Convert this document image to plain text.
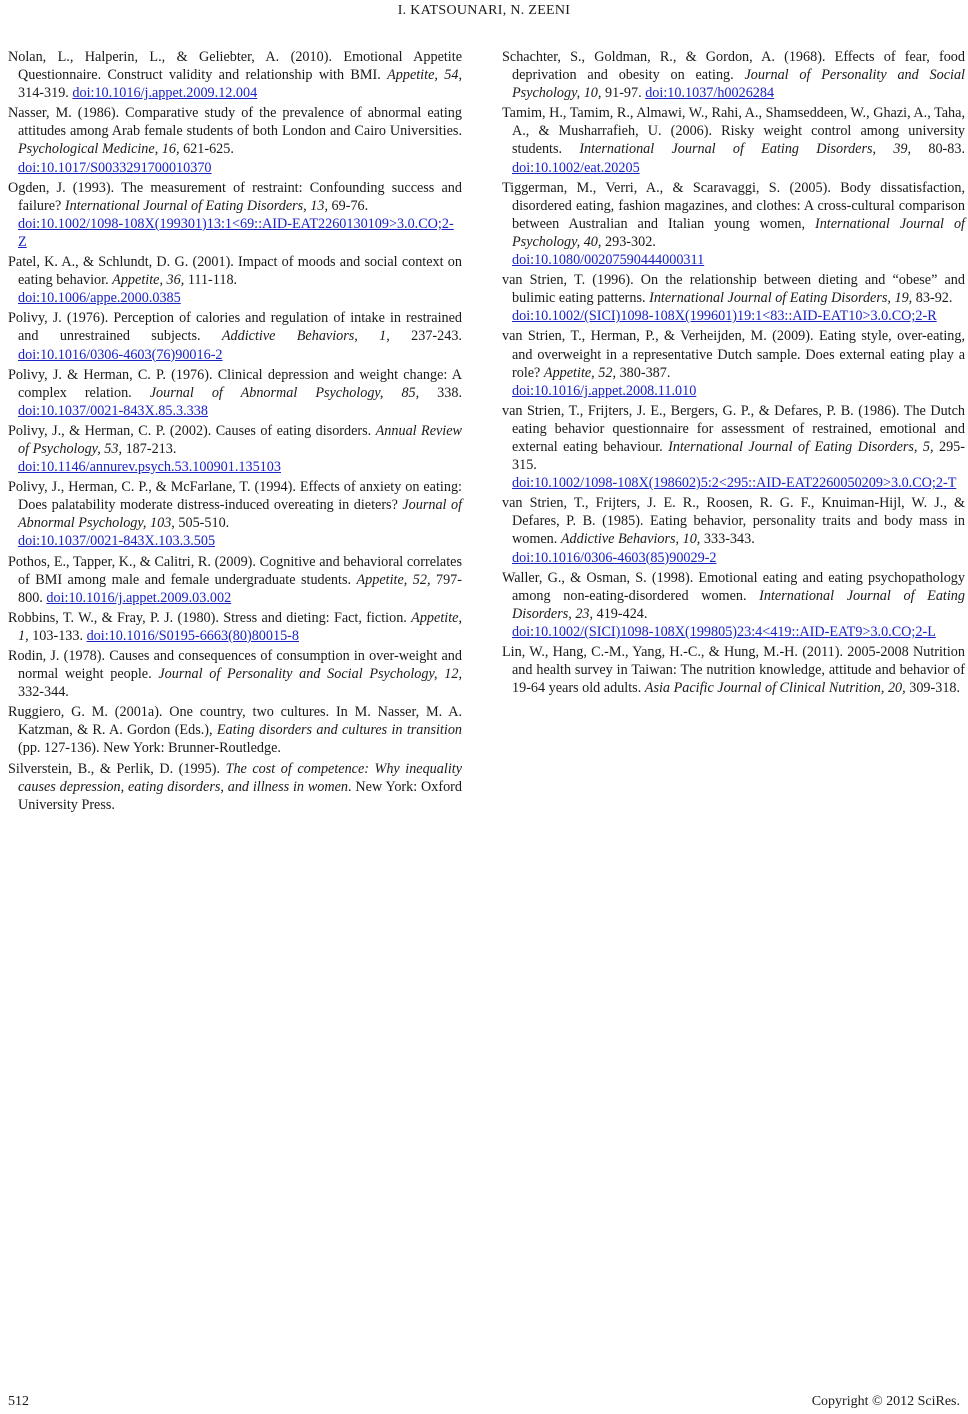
I. KATSOUNARI, N. ZEENI

Nolan, L., Halperin, L., & Geliebter, A. (2010). Emotional Appetite Questionnaire. Construct validity and relationship with BMI. Appetite, 54, 314-319. doi:10.1016/j.appet.2009.12.004

Nasser, M. (1986). Comparative study of the prevalence of abnormal eating attitudes among Arab female students of both London and Cairo Universities. Psychological Medicine, 16, 621-625.
doi:10.1017/S0033291700010370

Ogden, J. (1993). The measurement of restraint: Confounding success and failure? International Journal of Eating Disorders, 13, 69-76.
doi:10.1002/1098-108X(199301)13:1<69::AID-EAT2260130109>3.0.CO;2-Z

Patel, K. A., & Schlundt, D. G. (2001). Impact of moods and social context on eating behavior. Appetite, 36, 111-118.
doi:10.1006/appe.2000.0385

Polivy, J. (1976). Perception of calories and regulation of intake in restrained and unrestrained subjects. Addictive Behaviors, 1, 237-243. doi:10.1016/0306-4603(76)90016-2

Polivy, J. & Herman, C. P. (1976). Clinical depression and weight change: A complex relation. Journal of Abnormal Psychology, 85, 338. doi:10.1037/0021-843X.85.3.338

Polivy, J., & Herman, C. P. (2002). Causes of eating disorders. Annual Review of Psychology, 53, 187-213.
doi:10.1146/annurev.psych.53.100901.135103

Polivy, J., Herman, C. P., & McFarlane, T. (1994). Effects of anxiety on eating: Does palatability moderate distress-induced overeating in dieters? Journal of Abnormal Psychology, 103, 505-510.
doi:10.1037/0021-843X.103.3.505

Pothos, E., Tapper, K., & Calitri, R. (2009). Cognitive and behavioral correlates of BMI among male and female undergraduate students. Appetite, 52, 797-800. doi:10.1016/j.appet.2009.03.002

Robbins, T. W., & Fray, P. J. (1980). Stress and dieting: Fact, fiction. Appetite, 1, 103-133. doi:10.1016/S0195-6663(80)80015-8

Rodin, J. (1978). Causes and consequences of consumption in over-weight and normal weight people. Journal of Personality and Social Psychology, 12, 332-344.

Ruggiero, G. M. (2001a). One country, two cultures. In M. Nasser, M. A. Katzman, & R. A. Gordon (Eds.), Eating disorders and cultures in transition (pp. 127-136). New York: Brunner-Routledge.

Silverstein, B., & Perlik, D. (1995). The cost of competence: Why inequality causes depression, eating disorders, and illness in women. New York: Oxford University Press.

Schachter, S., Goldman, R., & Gordon, A. (1968). Effects of fear, food deprivation and obesity on eating. Journal of Personality and Social Psychology, 10, 91-97. doi:10.1037/h0026284

Tamim, H., Tamim, R., Almawi, W., Rahi, A., Shamseddeen, W., Ghazi, A., Taha, A., & Musharrafieh, U. (2006). Risky weight control among university students. International Journal of Eating Disorders, 39, 80-83. doi:10.1002/eat.20205

Tiggerman, M., Verri, A., & Scaravaggi, S. (2005). Body dissatisfaction, disordered eating, fashion magazines, and clothes: A cross-cultural comparison between Australian and Italian young women, International Journal of Psychology, 40, 293-302.
doi:10.1080/00207590444000311

van Strien, T. (1996). On the relationship between dieting and “obese” and bulimic eating patterns. International Journal of Eating Disorders, 19, 83-92.
doi:10.1002/(SICI)1098-108X(199601)19:1<83::AID-EAT10>3.0.CO;2-R

van Strien, T., Herman, P., & Verheijden, M. (2009). Eating style, over-eating, and overweight in a representative Dutch sample. Does external eating play a role? Appetite, 52, 380-387.
doi:10.1016/j.appet.2008.11.010

van Strien, T., Frijters, J. E., Bergers, G. P., & Defares, P. B. (1986). The Dutch eating behavior questionnaire for assessment of restrained, emotional and external eating behaviour. International Journal of Eating Disorders, 5, 295-315.
doi:10.1002/1098-108X(198602)5:2<295::AID-EAT2260050209>3.0.CO;2-T

van Strien, T., Frijters, J. E. R., Roosen, R. G. F., Knuiman-Hijl, W. J., & Defares, P. B. (1985). Eating behavior, personality traits and body mass in women. Addictive Behaviors, 10, 333-343.
doi:10.1016/0306-4603(85)90029-2

Waller, G., & Osman, S. (1998). Emotional eating and eating psychopathology among non-eating-disordered women. International Journal of Eating Disorders, 23, 419-424.
doi:10.1002/(SICI)1098-108X(199805)23:4<419::AID-EAT9>3.0.CO;2-L

Lin, W., Hang, C.-M., Yang, H.-C., & Hung, M.-H. (2011). 2005-2008 Nutrition and health survey in Taiwan: The nutrition knowledge, attitude and behavior of 19-64 years old adults. Asia Pacific Journal of Clinical Nutrition, 20, 309-318.

512	Copyright © 2012 SciRes.
